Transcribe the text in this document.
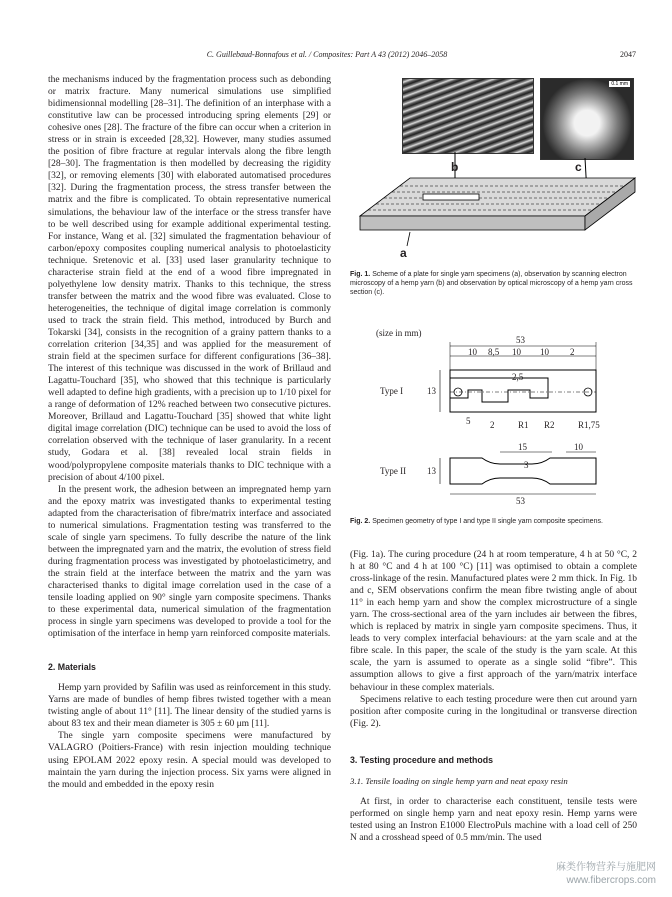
C. Guillebaud-Bonnafous et al. / Composites: Part A 43 (2012) 2046–2058	2047

the mechanisms induced by the fragmentation process such as debonding or matrix fracture. Many numerical simulations use simplified bidimensionnal modelling [28–31]. The definition of an interphase with a constitutive law can be processed introducing spring elements [29] or cohesive ones [28]. The fracture of the fibre can occur when a criterion in stress or in strain is exceeded [28,32]. However, many studies assumed the position of fibre fracture at regular intervals along the fibre length [28–30]. The fragmentation is then modelled by decreasing the rigidity [32], or removing elements [30] with elaborated automatised procedures [32]. During the fragmentation process, the stress transfer between the matrix and the fibre is complicated. To obtain representative numerical simulations, the behaviour law of the interface or the stress transfer have to be well described using for example additional experimental testing. For instance, Wang et al. [32] simulated the fragmentation behaviour of carbon/epoxy composites coupling numerical analysis to photoelasticity technique. Sretenovic et al. [33] used laser granularity technique to characterise strain field at the end of a wood fibre impregnated in polyethylene low density matrix. Thanks to this technique, the stress transfer between the matrix and the wood fibre was evaluated. Close to heterogeneities, the technique of digital image correlation is commonly used to track the strain field. This method, introduced by Burch and Tokarski [34], consists in the recognition of a grainy pattern thanks to a correlation criterion [34,35] and was applied for the measurement of strain field at the specimen surface for different configurations [36–38]. The interest of this technique was discussed in the work of Brillaud and Lagattu-Touchard [35], who showed that this technique is particularly well adapted to define high gradients, with a precision up to 1/10 pixel for a range of deformation of 12% reached between two consecutive pictures. Moreover, Brillaud and Lagattu-Touchard [35] showed that white light digital image correlation (DIC) technique can be used to avoid the loss of correlation observed with the technique of laser granularity. In a recent study, Godara et al. [38] revealed local strain fields in wood/polypropylene composite materials thanks to DIC technique with a precision of about 4/100 pixel.

In the present work, the adhesion between an impregnated hemp yarn and the epoxy matrix was investigated thanks to experimental testing adapted from the characterisation of fibre/matrix interface and associated to numerical simulations. Fragmentation testing was transferred to the scale of single yarn specimens. To fully describe the nature of the link between the impregnated yarn and the matrix, the evolution of stress field during fragmentation process was investigated by photoelasticimetry, and the strain field at the interface between the matrix and the yarn was characterised thanks to digital image correlation used in the case of a tensile loading applied on 90° single yarn composite specimens. Thanks to these experimental data, numerical simulation of the fragmentation process in single yarn specimens was developed to provide a tool for the optimisation of the interface in hemp yarn reinforced composite materials.

2. Materials

Hemp yarn provided by Safilin was used as reinforcement in this study. Yarns are made of bundles of hemp fibres twisted together with a mean twisting angle of about 11° [11]. The linear density of the studied yarns is about 83 tex and their mean diameter is 305 ± 60 μm [11].

The single yarn composite specimens were manufactured by VALAGRO (Poitiers-France) with resin injection moulding technique using EPOLAM 2022 epoxy resin. A special mould was developed to maintain the yarn during the injection process. Six yarns were aligned in the mould and embedded in the epoxy resin

0.1 mm
b	c
a
Fig. 1. Scheme of a plate for single yarn specimens (a), observation by scanning electron microscopy of a hemp yarn (b) and observation by optical microscopy of a hemp yarn cross section (c).
(size in mm)
53
10 8,5 10 10 2
2,5
Type I	13
5 2	R1 R2	R1,75
15	10
3
Type II 13
53
Fig. 2. Specimen geometry of type I and type II single yarn composite specimens.

(Fig. 1a). The curing procedure (24 h at room temperature, 4 h at 50 °C, 2 h at 80 °C and 4 h at 100 °C) [11] was optimised to obtain a complete cross-linkage of the resin. Manufactured plates were 2 mm thick. In Fig. 1b and c, SEM observations confirm the mean fibre twisting angle of about 11° in each hemp yarn and show the complex microstructure of a single yarn. The cross-sectional area of the yarn includes air between the fibres, which is replaced by matrix in single yarn composite specimens. Thus, it leads to very complex interfacial behaviours: at the yarn scale and at the fibre scale. In this paper, the scale of the study is the yarn scale. At this scale, the yarn is assumed to operate as a single solid “fibre”. This assumption allows to give a first approach of the yarn/matrix interface behaviour in these complex materials.

Specimens relative to each testing procedure were then cut around yarn position after composite curing in the longitudinal or transverse direction (Fig. 2).

3. Testing procedure and methods
3.1. Tensile loading on single hemp yarn and neat epoxy resin

At first, in order to characterise each constituent, tensile tests were performed on single hemp yarn and neat epoxy resin. Hemp yarns were tested using an Instron E1000 ElectroPuls machine with a load cell of 250 N and a crosshead speed of 0.5 mm/min. The used

麻类作物营养与施肥网
www.fibercrops.com
